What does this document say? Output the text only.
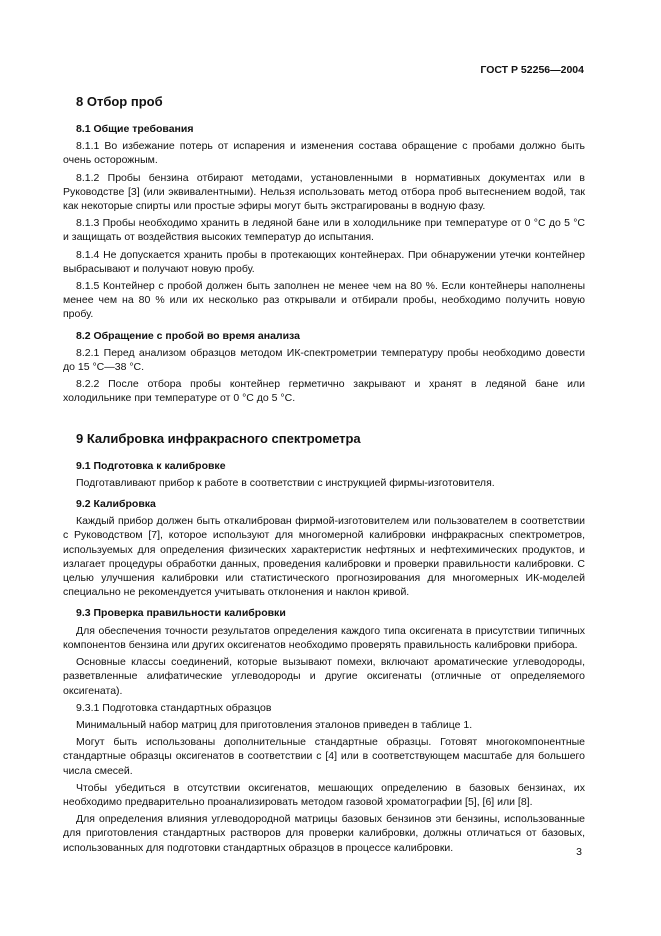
ГОСТ Р 52256—2004
8 Отбор проб
8.1 Общие требования

8.1.1 Во избежание потерь от испарения и изменения состава обращение с пробами должно быть очень осторожным.

8.1.2 Пробы бензина отбирают методами, установленными в нормативных документах или в Руководстве [3] (или эквивалентными). Нельзя использовать метод отбора проб вытеснением водой, так как некоторые спирты или простые эфиры могут быть экстрагированы в водную фазу.

8.1.3 Пробы необходимо хранить в ледяной бане или в холодильнике при температуре от 0 °С до 5 °С и защищать от воздействия высоких температур до испытания.

8.1.4 Не допускается хранить пробы в протекающих контейнерах. При обнаружении утечки контейнер выбрасывают и получают новую пробу.

8.1.5 Контейнер с пробой должен быть заполнен не менее чем на 80 %. Если контейнеры наполнены менее чем на 80 % или их несколько раз открывали и отбирали пробы, необходимо получить новую пробу.

8.2 Обращение с пробой во время анализа

8.2.1 Перед анализом образцов методом ИК-спектрометрии температуру пробы необходимо довести до 15 °С—38 °С.

8.2.2 После отбора пробы контейнер герметично закрывают и хранят в ледяной бане или холодильнике при температуре от 0 °С до 5 °С.

9 Калибровка инфракрасного спектрометра
9.1 Подготовка к калибровке

Подготавливают прибор к работе в соответствии с инструкцией фирмы-изготовителя.

9.2 Калибровка

Каждый прибор должен быть откалиброван фирмой-изготовителем или пользователем в соответствии с Руководством [7], которое используют для многомерной калибровки инфракрасных спектрометров, используемых для определения физических характеристик нефтяных и нефтехимических продуктов, и излагает процедуры обработки данных, проведения калибровки и проверки правильности калибровки. С целью улучшения калибровки или статистического прогнозирования для многомерных ИК-моделей специально не рекомендуется учитывать отклонения и наклон кривой.

9.3 Проверка правильности калибровки

Для обеспечения точности результатов определения каждого типа оксигената в присутствии типичных компонентов бензина или других оксигенатов необходимо проверять правильность калибровки прибора.

Основные классы соединений, которые вызывают помехи, включают ароматические углеводороды, разветвленные алифатические углеводороды и другие оксигенаты (отличные от определяемого оксигената).

9.3.1 Подготовка стандартных образцов

Минимальный набор матриц для приготовления эталонов приведен в таблице 1.

Могут быть использованы дополнительные стандартные образцы. Готовят многокомпонентные стандартные образцы оксигенатов в соответствии с [4] или в соответствующем масштабе для большего числа смесей.

Чтобы убедиться в отсутствии оксигенатов, мешающих определению в базовых бензинах, их необходимо предварительно проанализировать методом газовой хроматографии [5], [6] или [8].

Для определения влияния углеводородной матрицы базовых бензинов эти бензины, использованные для приготовления стандартных растворов для проверки калибровки, должны отличаться от базовых, использованных для подготовки стандартных образцов в процессе калибровки.	3
